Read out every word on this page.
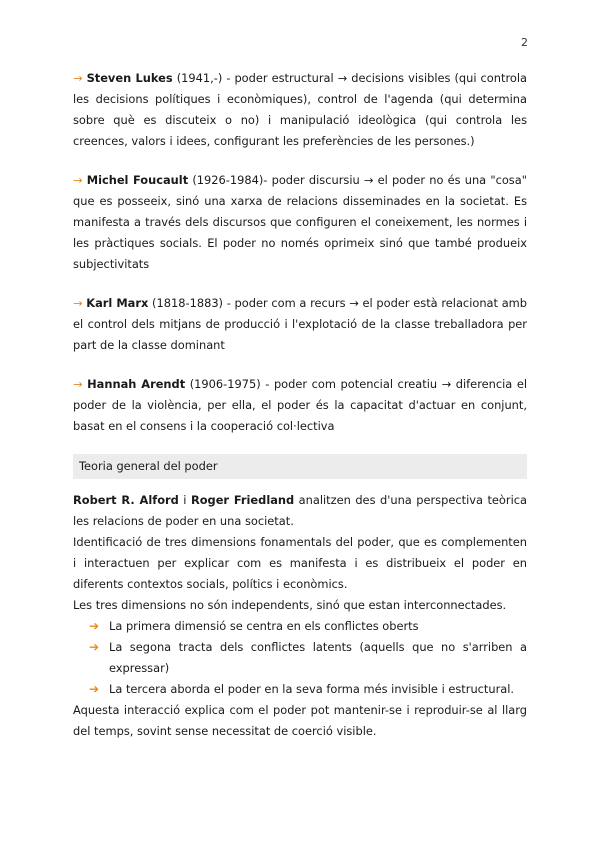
2

→ Steven Lukes (1941,-) - poder estructural → decisions visibles (qui controla les decisions polítiques i econòmiques), control de l'agenda (qui determina sobre què es discuteix o no) i manipulació ideològica (qui controla les creences, valors i idees, configurant les preferències de les persones.)

→ Michel Foucault (1926-1984)- poder discursiu → el poder no és una "cosa" que es posseeix, sinó una xarxa de relacions disseminades en la societat. Es manifesta a través dels discursos que configuren el coneixement, les normes i les pràctiques socials. El poder no només oprimeix sinó que també produeix subjectivitats

→ Karl Marx (1818-1883) - poder com a recurs → el poder està relacionat amb el control dels mitjans de producció i l'explotació de la classe treballadora per part de la classe dominant

→ Hannah Arendt (1906-1975) - poder com potencial creatiu → diferencia el poder de la violència, per ella, el poder és la capacitat d'actuar en conjunt, basat en el consens i la cooperació col·lectiva

Teoria general del poder

Robert R. Alford i Roger Friedland analitzen des d'una perspectiva teòrica les relacions de poder en una societat.

Identificació de tres dimensions fonamentals del poder, que es complementen i interactuen per explicar com es manifesta i es distribueix el poder en diferents contextos socials, polítics i econòmics.

Les tres dimensions no són independents, sinó que estan interconnectades.

➔ La primera dimensió se centra en els conflictes oberts
➔ La segona tracta dels conflictes latents (aquells que no s'arriben a expressar)
➔ La tercera aborda el poder en la seva forma més invisible i estructural.

Aquesta interacció explica com el poder pot mantenir-se i reproduir-se al llarg del temps, sovint sense necessitat de coerció visible.
